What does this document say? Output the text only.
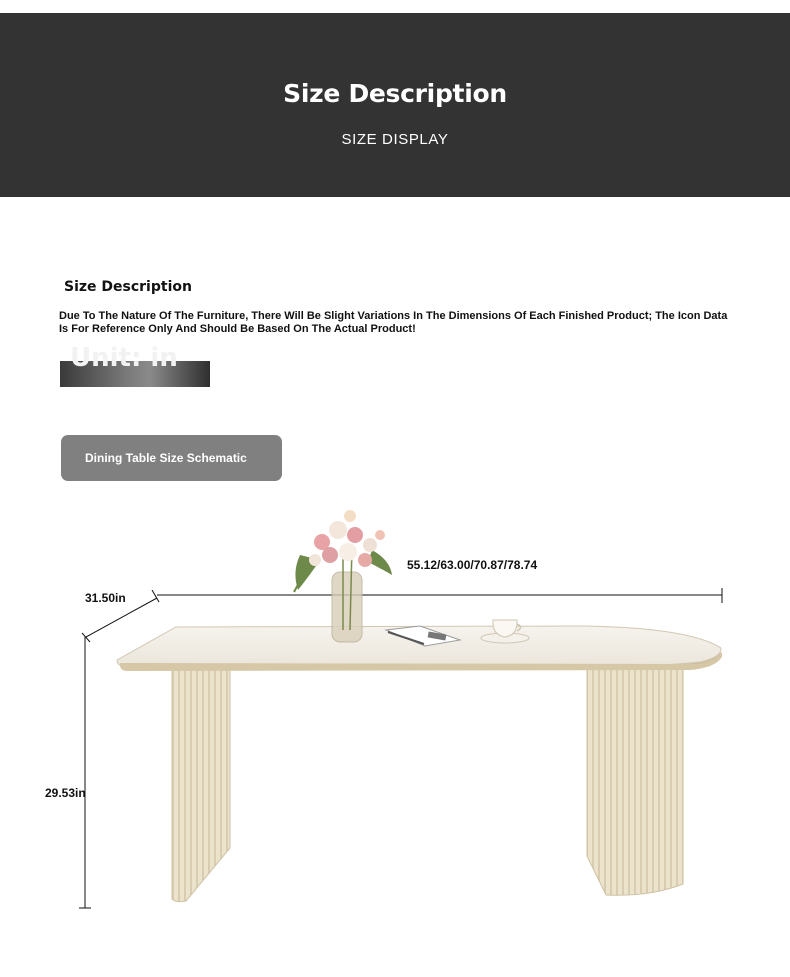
Size Description
SIZE DISPLAY
Size Description
Due To The Nature Of The Furniture, There Will Be Slight Variations In The Dimensions Of Each Finished Product; The Icon Data Is For Reference Only And Should Be Based On The Actual Product!
Unit: in
Dining Table Size Schematic
55.12/63.00/70.87/78.74
31.50in
29.53in
